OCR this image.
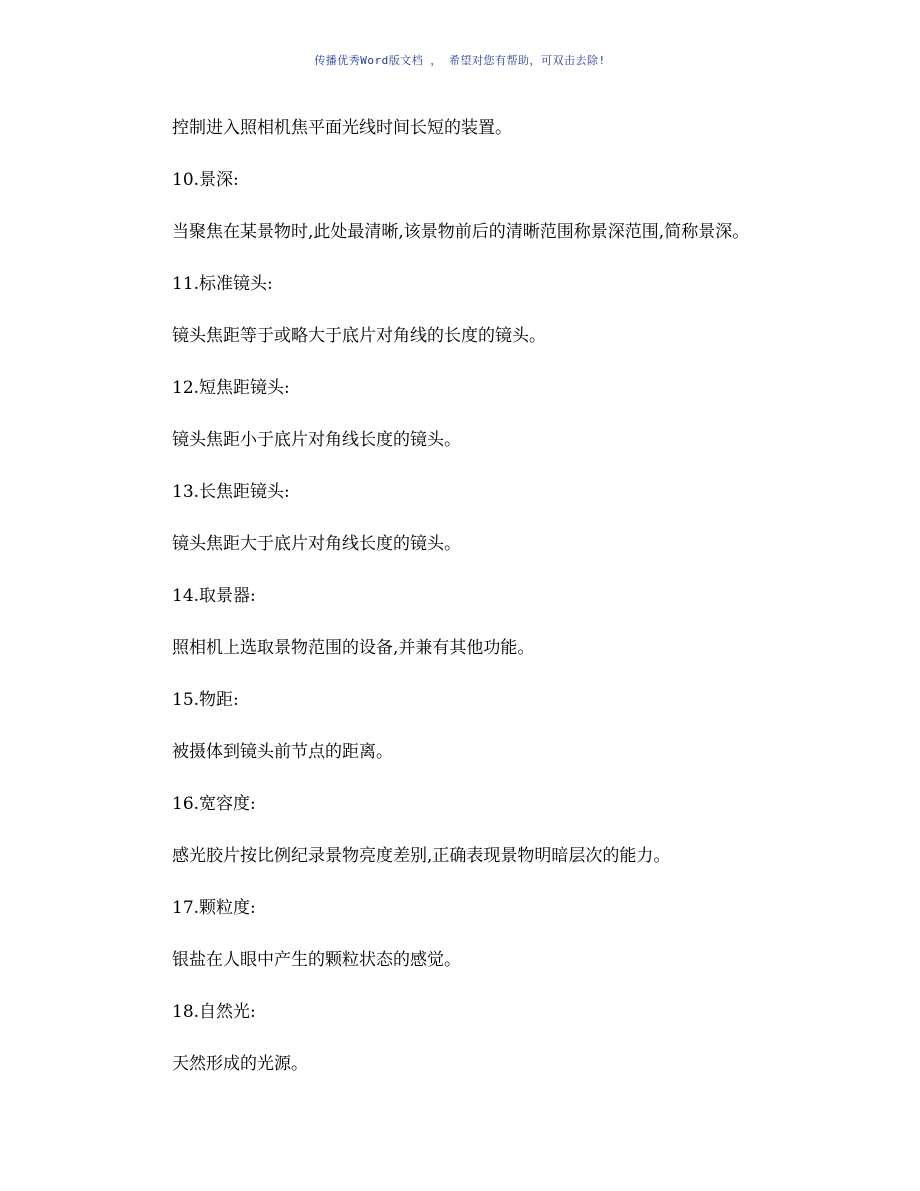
传播优秀Word版文档 ， 希望对您有帮助，可双击去除!
控制进入照相机焦平面光线时间长短的装置。
10.景深:
当聚焦在某景物时,此处最清晰,该景物前后的清晰范围称景深范围,简称景深。
11.标准镜头:
镜头焦距等于或略大于底片对角线的长度的镜头。
12.短焦距镜头:
镜头焦距小于底片对角线长度的镜头。
13.长焦距镜头:
镜头焦距大于底片对角线长度的镜头。
14.取景器:
照相机上选取景物范围的设备,并兼有其他功能。
15.物距:
被摄体到镜头前节点的距离。
16.宽容度:
感光胶片按比例纪录景物亮度差别,正确表现景物明暗层次的能力。
17.颗粒度:
银盐在人眼中产生的颗粒状态的感觉。
18.自然光:
天然形成的光源。
